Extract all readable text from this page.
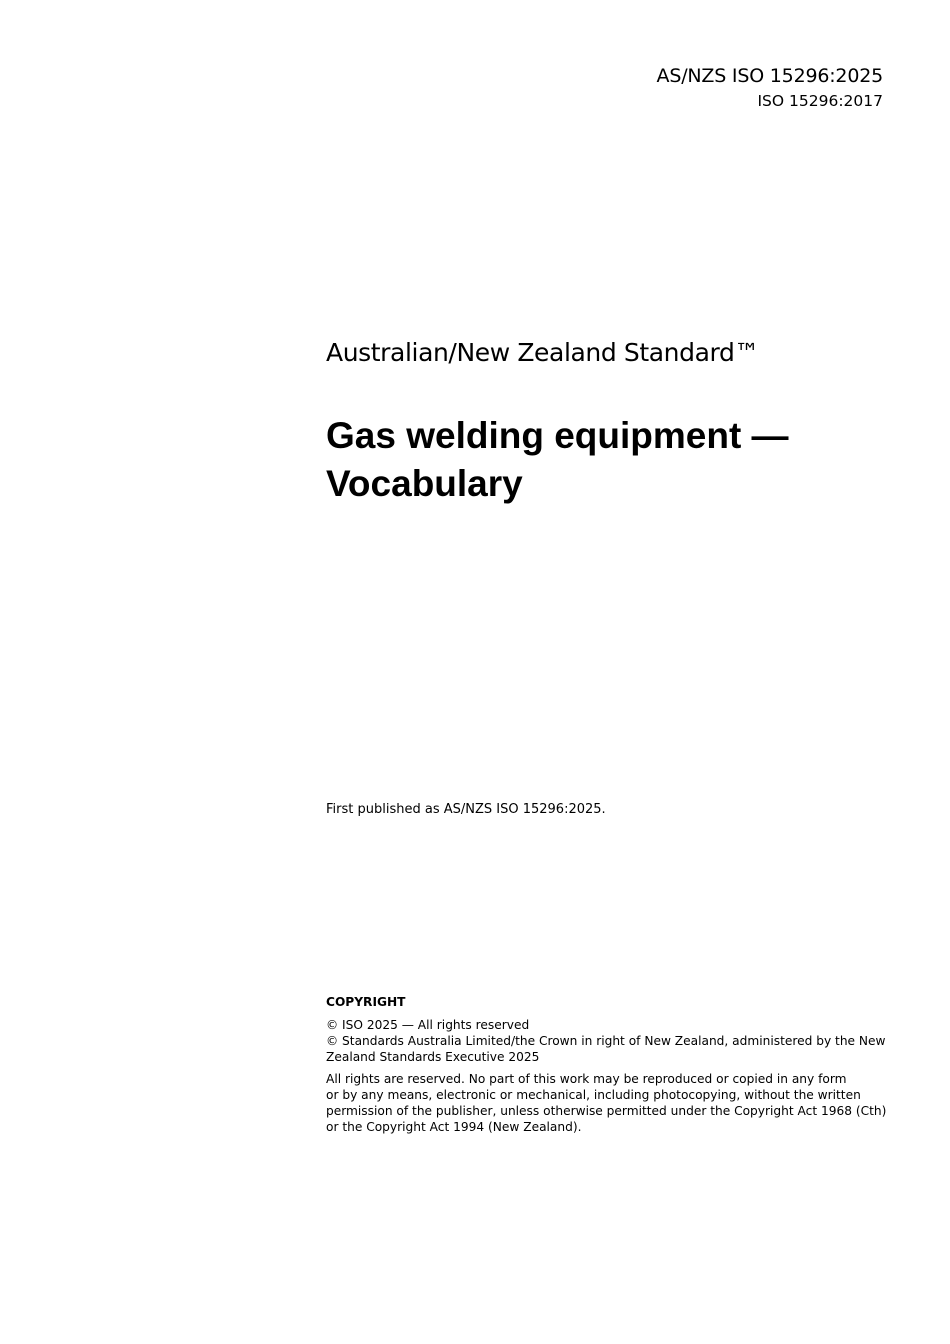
AS/NZS ISO 15296:2025
ISO 15296:2017
Australian/New Zealand Standard™
Gas welding equipment —
Vocabulary
First published as AS/NZS ISO 15296:2025.
COPYRIGHT
© ISO 2025 — All rights reserved
© Standards Australia Limited/the Crown in right of New Zealand, administered by the New
Zealand Standards Executive 2025
All rights are reserved. No part of this work may be reproduced or copied in any form
or by any means, electronic or mechanical, including photocopying, without the written
permission of the publisher, unless otherwise permitted under the Copyright Act 1968 (Cth)
or the Copyright Act 1994 (New Zealand).
